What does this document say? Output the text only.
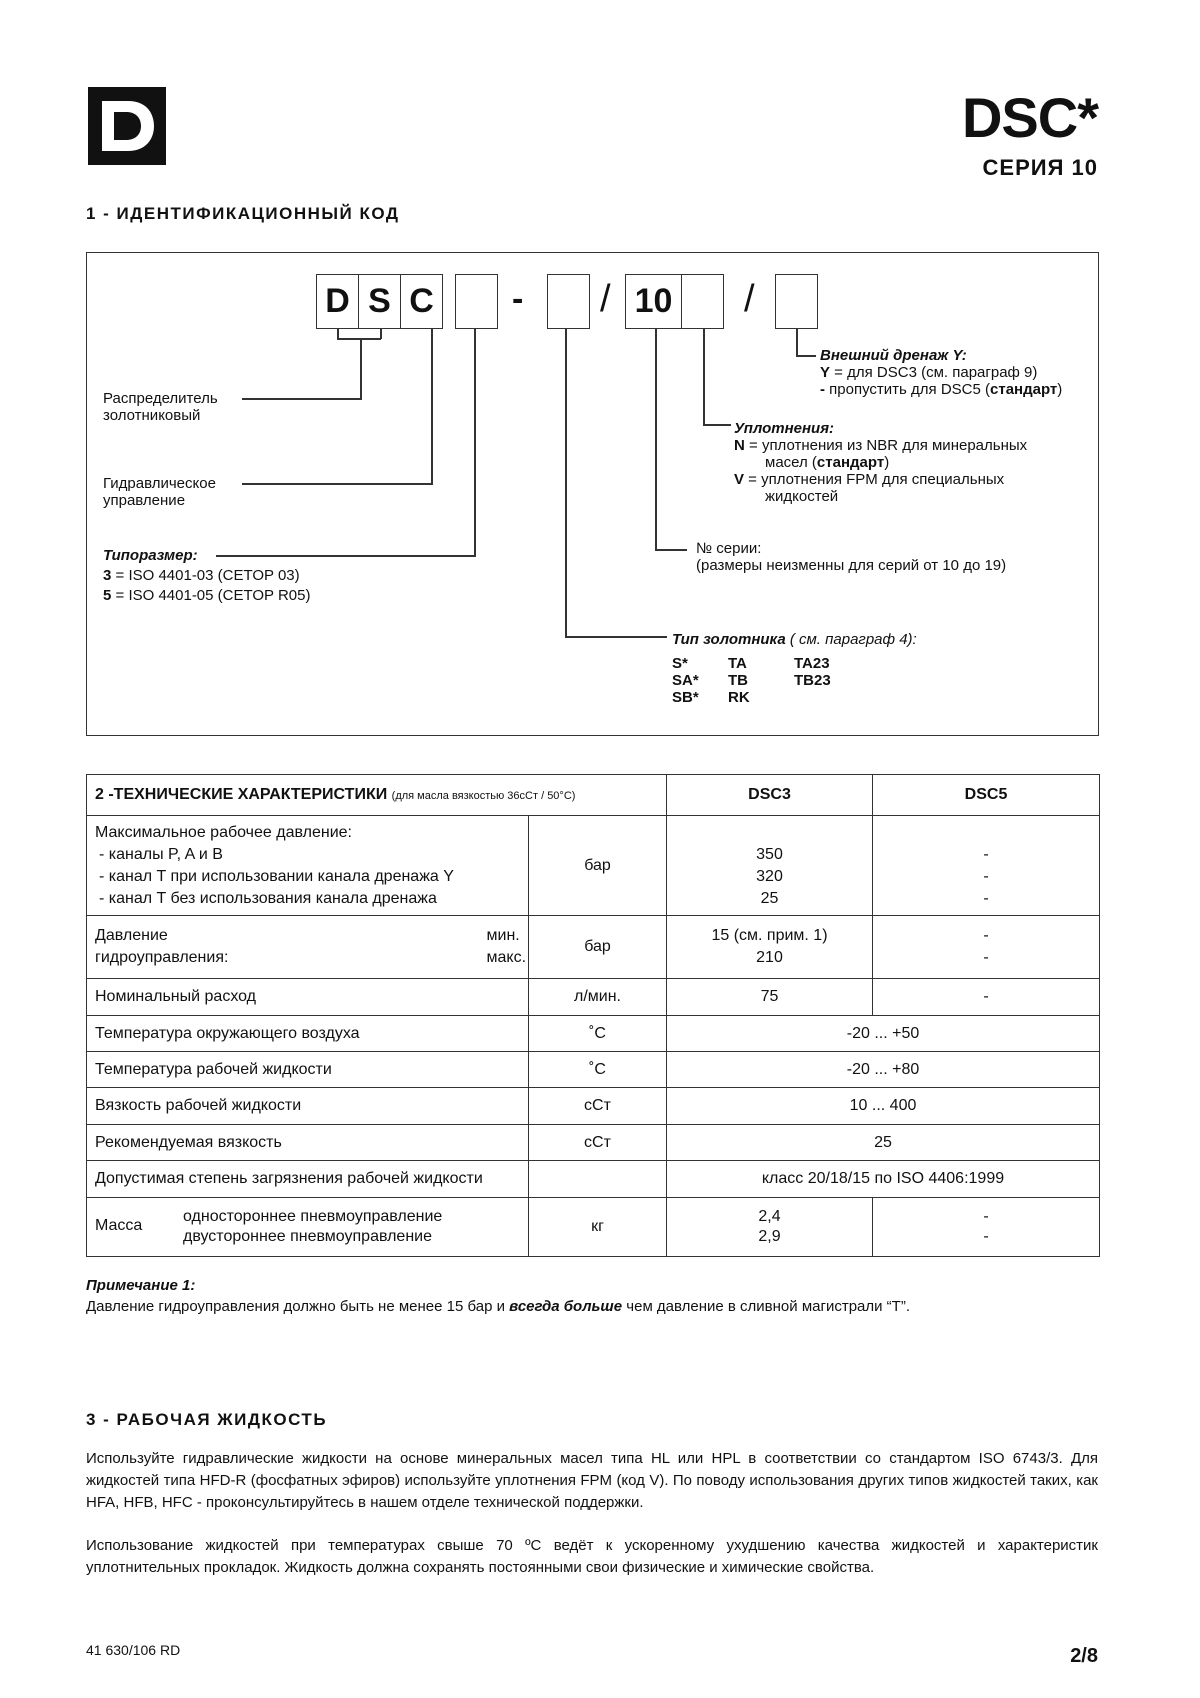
DSC*
СЕРИЯ 10
1 - ИДЕНТИФИКАЦИОННЫЙ КОД
D S C - / 10 /
Распределитель
золотниковый
Гидравлическое
управление
Типоразмер:
3 = ISO 4401-03 (CETOP 03)
5 = ISO 4401-05 (CETOP R05)
Внешний дренаж Y:
Y = для DSC3 (см. параграф 9)
- пропустить для DSC5 (стандарт)
Уплотнения:
N = уплотнения из NBR для минеральных
масел (стандарт)
V = уплотнения FPM для специальных
жидкостей
№ серии:
(размеры неизменны для серий от 10 до 19)
Тип золотника ( см. параграф 4):
S*
SA*
SB*
TA
TB
RK
TA23
TB23
2 -ТЕХНИЧЕСКИЕ ХАРАКТЕРИСТИКИ (для масла вязкостью 36сСт / 50°C)		DSC3	DSC5

Максимальное рабочее давление:
- каналы P, A и B
- канал T при использовании канала дренажа Y
- канал T без использования канала дренажа	бар	350
320
25	-
-
-

Давление мин.
гидроуправления: макс.	бар	15 (см. прим. 1)
210	-
-

Номинальный расход	л/мин.	75	-
Температура окружающего воздуха	˚C	-20 ... +50	
Температура рабочей жидкости	˚C	-20 ... +80	
Вязкость рабочей жидкости	cСт	10 ... 400	
Рекомендуемая вязкость	cСт	25	
Допустимая степень загрязнения рабочей жидкости		класс 20/18/15 по ISO 4406:1999	

Масса
одностороннее пневмоуправление
двустороннее пневмоуправление	кг	2,4
2,9	-
-
Примечание 1:
Давление гидроуправления должно быть не менее 15 бар и всегда больше чем давление в сливной магистрали “T”.
3 - РАБОЧАЯ ЖИДКОСТЬ
Используйте гидравлические жидкости на основе минеральных масел типа HL или HPL в соответствии со стандартом ISO 6743/3. Для жидкостей типа HFD-R (фосфатных эфиров) используйте уплотнения FPM (код V). По поводу использования других типов жидкостей таких, как HFA, HFB, HFC - проконсультируйтесь в нашем отделе технической поддержки.
Использование жидкостей при температурах свыше 70 ºС ведёт к ускоренному ухудшению качества жидкостей и характеристик уплотнительных прокладок. Жидкость должна сохранять постоянными свои физические и химические свойства.
41 630/106 RD	2/8
